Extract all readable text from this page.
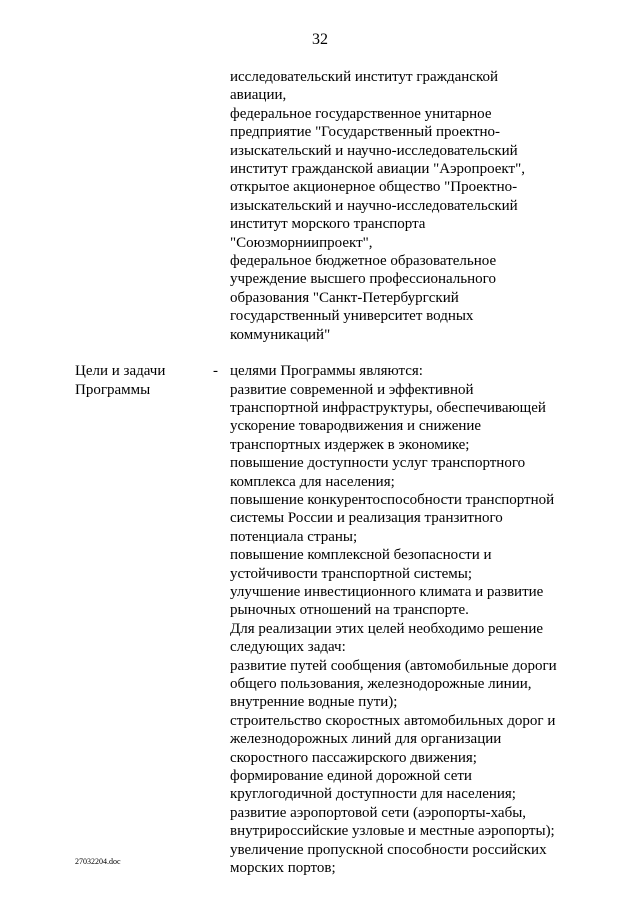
32
исследовательский институт гражданской
авиации,
федеральное государственное унитарное
предприятие "Государственный проектно-
изыскательский и научно-исследовательский
институт гражданской авиации "Аэропроект",
открытое акционерное общество "Проектно-
изыскательский и научно-исследовательский
институт морского транспорта
"Союзморниипроект",
федеральное бюджетное образовательное
учреждение высшего профессионального
образования "Санкт-Петербургский
государственный университет водных
коммуникаций"
Цели и задачи
Программы
- целями Программы являются:
развитие современной и эффективной
транспортной инфраструктуры, обеспечивающей
ускорение товародвижения и снижение
транспортных издержек в экономике;
повышение доступности услуг транспортного
комплекса для населения;
повышение конкурентоспособности транспортной
системы России и реализация транзитного
потенциала страны;
повышение комплексной безопасности и
устойчивости транспортной системы;
улучшение инвестиционного климата и развитие
рыночных отношений на транспорте.
Для реализации этих целей необходимо решение
следующих задач:
развитие путей сообщения (автомобильные дороги
общего пользования, железнодорожные линии,
внутренние водные пути);
строительство скоростных автомобильных дорог и
железнодорожных линий для организации
скоростного пассажирского движения;
формирование единой дорожной сети
круглогодичной доступности для населения;
развитие аэропортовой сети (аэропорты-хабы,
внутрироссийские узловые и местные аэропорты);
увеличение пропускной способности российских
морских портов;
27032204.doc
